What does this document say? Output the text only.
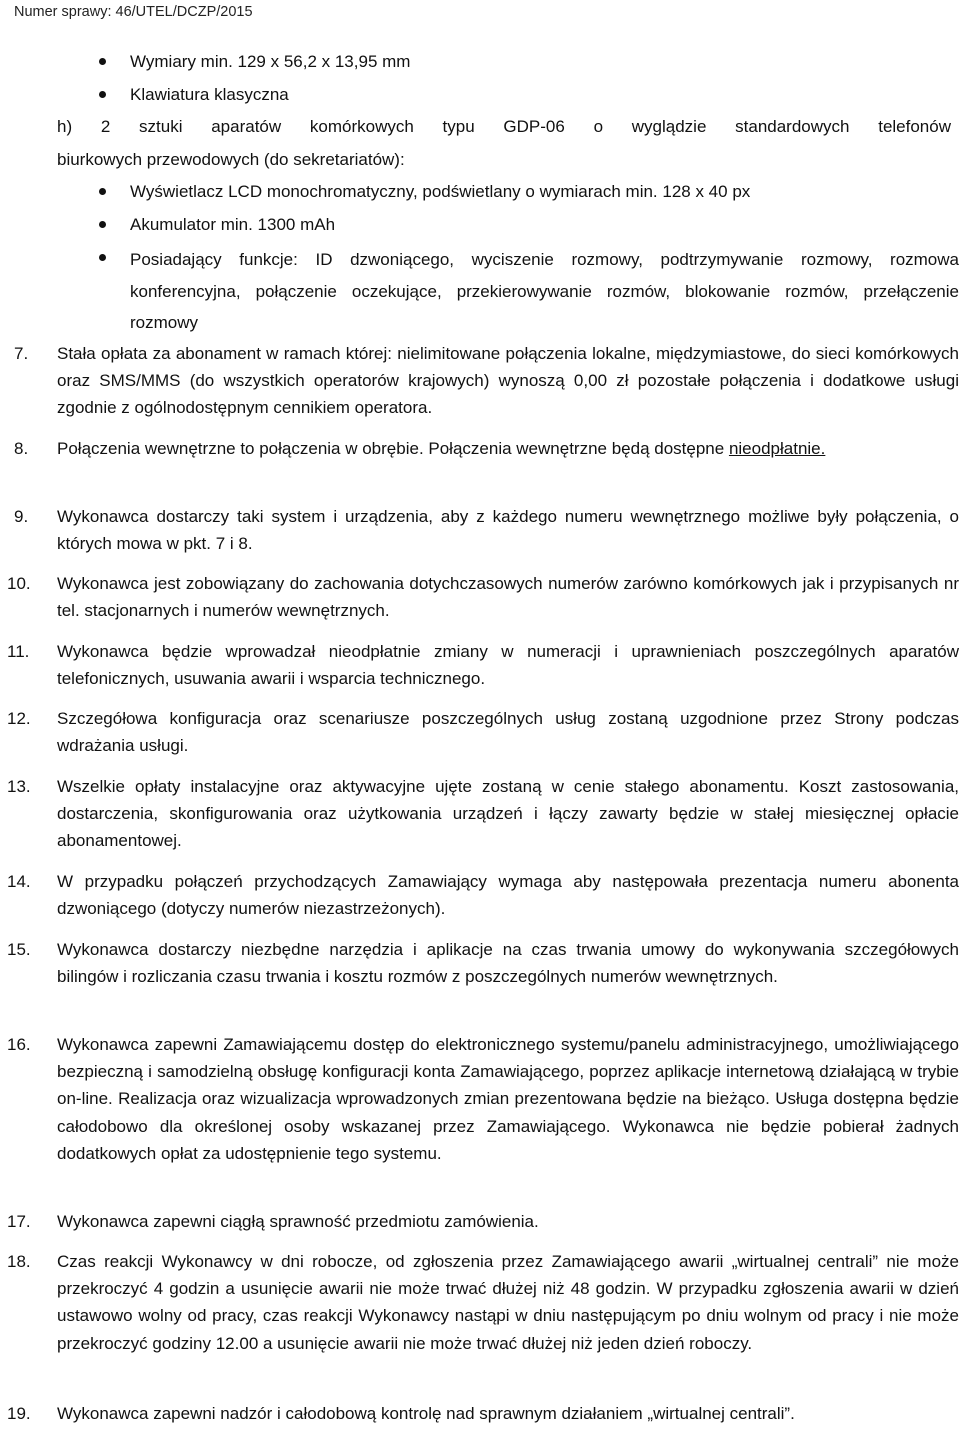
Numer sprawy: 46/UTEL/DCZP/2015
Wymiary min. 129 x 56,2 x 13,95 mm
Klawiatura klasyczna
h) 2 sztuki aparatów komórkowych typu GDP-06 o wyglądzie standardowych telefonów
biurkowych przewodowych (do sekretariatów):
Wyświetlacz LCD monochromatyczny, podświetlany o wymiarach min. 128 x 40 px
Akumulator min. 1300 mAh
Posiadający funkcje: ID dzwoniącego, wyciszenie rozmowy, podtrzymywanie rozmowy, rozmowa konferencyjna, połączenie oczekujące, przekierowywanie rozmów, blokowanie rozmów, przełączenie rozmowy
7. Stała opłata za abonament w ramach której: nielimitowane połączenia lokalne, międzymiastowe, do sieci komórkowych oraz SMS/MMS (do wszystkich operatorów krajowych) wynoszą 0,00 zł pozostałe połączenia i dodatkowe usługi zgodnie z ogólnodostępnym cennikiem operatora.
8. Połączenia wewnętrzne to połączenia w obrębie. Połączenia wewnętrzne będą dostępne nieodpłatnie.
9. Wykonawca dostarczy taki system i urządzenia, aby z każdego numeru wewnętrznego możliwe były połączenia, o których mowa w pkt. 7 i 8.
10. Wykonawca jest zobowiązany do zachowania dotychczasowych numerów zarówno komórkowych jak i przypisanych nr tel. stacjonarnych i numerów wewnętrznych.
11. Wykonawca będzie wprowadzał nieodpłatnie zmiany w numeracji i uprawnieniach poszczególnych aparatów telefonicznych, usuwania awarii i wsparcia technicznego.
12. Szczegółowa konfiguracja oraz scenariusze poszczególnych usług zostaną uzgodnione przez Strony podczas wdrażania usługi.
13. Wszelkie opłaty instalacyjne oraz aktywacyjne ujęte zostaną w cenie stałego abonamentu. Koszt zastosowania, dostarczenia, skonfigurowania oraz użytkowania urządzeń i łączy zawarty będzie w stałej miesięcznej opłacie abonamentowej.
14. W przypadku połączeń przychodzących Zamawiający wymaga aby następowała prezentacja numeru abonenta dzwoniącego (dotyczy numerów niezastrzeżonych).
15. Wykonawca dostarczy niezbędne narzędzia i aplikacje na czas trwania umowy do wykonywania szczegółowych bilingów i rozliczania czasu trwania i kosztu rozmów z poszczególnych numerów wewnętrznych.
16. Wykonawca zapewni Zamawiającemu dostęp do elektronicznego systemu/panelu administracyjnego, umożliwiającego bezpieczną i samodzielną obsługę konfiguracji konta Zamawiającego, poprzez aplikacje internetową działającą w trybie on-line. Realizacja oraz wizualizacja wprowadzonych zmian prezentowana będzie na bieżąco. Usługa dostępna będzie całodobowo dla określonej osoby wskazanej przez Zamawiającego. Wykonawca nie będzie pobierał żadnych dodatkowych opłat za udostępnienie tego systemu.
17. Wykonawca zapewni ciągłą sprawność przedmiotu zamówienia.
18. Czas reakcji Wykonawcy w dni robocze, od zgłoszenia przez Zamawiającego awarii „wirtualnej centrali” nie może przekroczyć 4 godzin a usunięcie awarii nie może trwać dłużej niż 48 godzin. W przypadku zgłoszenia awarii w dzień ustawowo wolny od pracy, czas reakcji Wykonawcy nastąpi w dniu następującym po dniu wolnym od pracy i nie może przekroczyć godziny 12.00 a usunięcie awarii nie może trwać dłużej niż jeden dzień roboczy.
19. Wykonawca zapewni nadzór i całodobową kontrolę nad sprawnym działaniem „wirtualnej centrali”.
